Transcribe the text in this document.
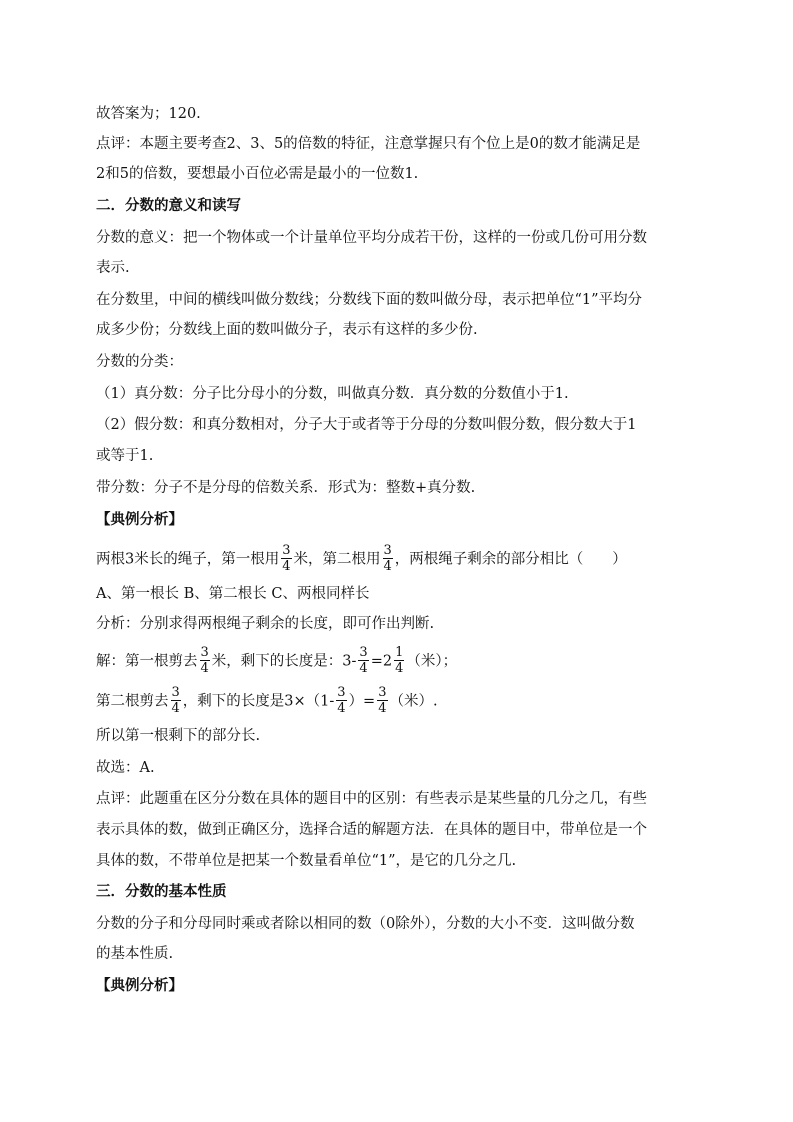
故答案为；120.
点评：本题主要考查2、3、5的倍数的特征，注意掌握只有个位上是0的数才能满足是
2和5的倍数，要想最小百位必需是最小的一位数1.
二．分数的意义和读写
分数的意义：把一个物体或一个计量单位平均分成若干份，这样的一份或几份可用分数
表示.
在分数里，中间的横线叫做分数线；分数线下面的数叫做分母，表示把单位“1”平均分
成多少份；分数线上面的数叫做分子，表示有这样的多少份.
分数的分类：
（1）真分数：分子比分母小的分数，叫做真分数．真分数的分数值小于1.
（2）假分数：和真分数相对，分子大于或者等于分母的分数叫假分数，假分数大于1
或等于1.
带分数：分子不是分母的倍数关系．形式为：整数+真分数.
【典例分析】
两根3米长的绳子，第一根用 $\frac{3}{4}$ 米，第二根用 $\frac{3}{4}$ ，两根绳子剩余的部分相比（　　）
A、第一根长 B、第二根长 C、两根同样长
分析：分别求得两根绳子剩余的长度，即可作出判断.
解：第一根剪去 $\frac{3}{4}$ 米，剩下的长度是：$3- \frac{3}{4} =2 \frac{1}{4}$ （米）；
第二根剪去 $\frac{3}{4}$ ，剩下的长度是$3\times(1- \frac{3}{4}$ ）= $\frac{3}{4}$ （米）.
所以第一根剩下的部分长.
故选：A.
点评：此题重在区分分数在具体的题目中的区别：有些表示是某些量的几分之几，有些
表示具体的数，做到正确区分，选择合适的解题方法．在具体的题目中，带单位是一个
具体的数，不带单位是把某一个数量看单位“1”，是它的几分之几.
三．分数的基本性质
分数的分子和分母同时乘或者除以相同的数（0除外），分数的大小不变．这叫做分数
的基本性质.
【典例分析】
